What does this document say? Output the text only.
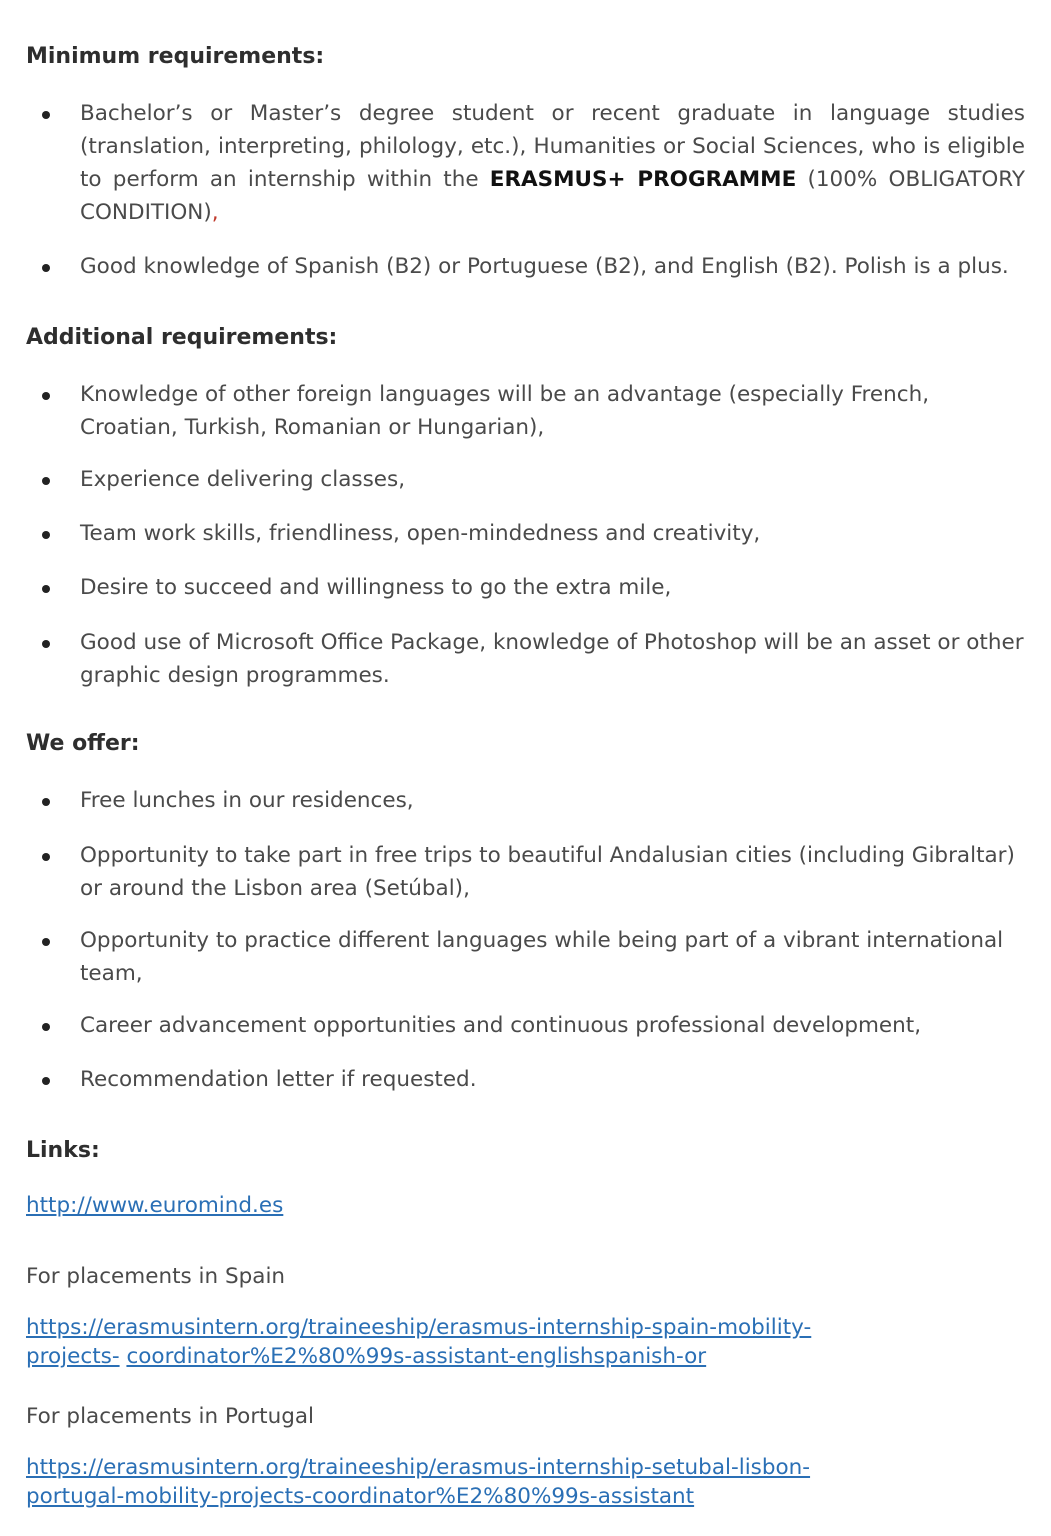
Minimum requirements:

Bachelor’s or Master’s degree student or recent graduate in language studies (translation, interpreting, philology, etc.), Humanities or Social Sciences, who is eligible to perform an internship within the ERASMUS+ PROGRAMME (100% OBLIGATORY CONDITION),

Good knowledge of Spanish (B2) or Portuguese (B2), and English (B2). Polish is a plus.

Additional requirements:

Knowledge of other foreign languages will be an advantage (especially French, Croatian, Turkish, Romanian or Hungarian),

Experience delivering classes,

Team work skills, friendliness, open-mindedness and creativity,

Desire to succeed and willingness to go the extra mile,

Good use of Microsoft Office Package, knowledge of Photoshop will be an asset or other graphic design programmes.

We offer:

Free lunches in our residences,

Opportunity to take part in free trips to beautiful Andalusian cities (including Gibraltar) or around the Lisbon area (Setúbal),

Opportunity to practice different languages while being part of a vibrant international team,

Career advancement opportunities and continuous professional development,

Recommendation letter if requested.

Links:
http://www.euromind.es

For placements in Spain

https://erasmusintern.org/traineeship/erasmus-internship-spain-mobility-

projects- coordinator%E2%80%99s-assistant-englishspanish-or

For placements in Portugal

https://erasmusintern.org/traineeship/erasmus-internship-setubal-lisbon-
portugal-mobility-projects-coordinator%E2%80%99s-assistant
